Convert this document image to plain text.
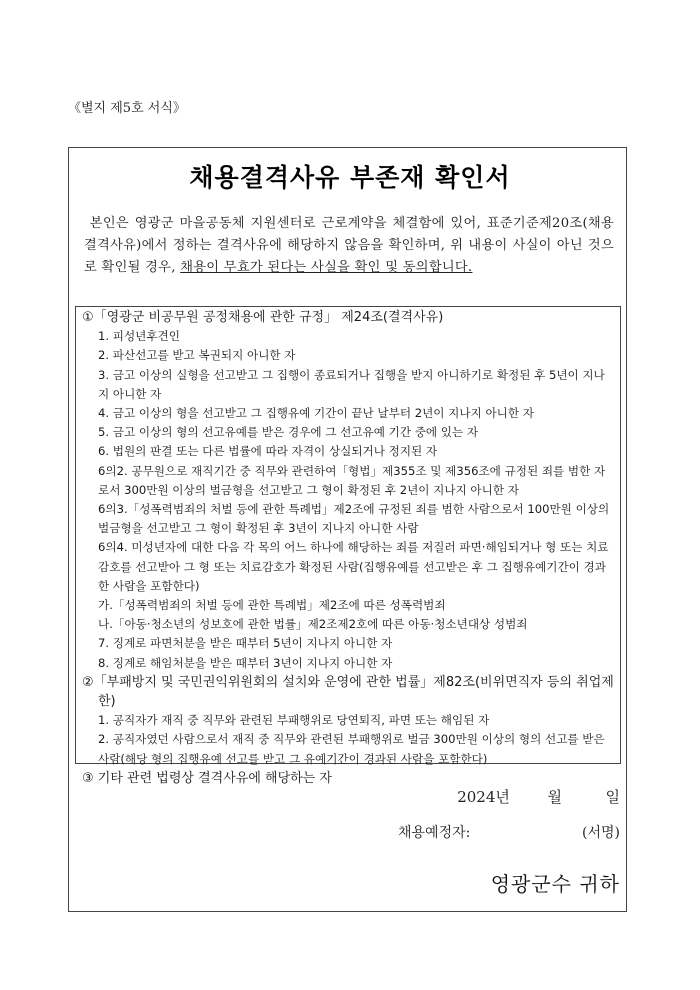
《별지 제5호 서식》
채용결격사유 부존재 확인서
본인은 영광군 마을공동체 지원센터로 근로계약을 체결함에 있어, 표준기준제20조(채용결격사유)에서 정하는 결격사유에 해당하지 않음을 확인하며, 위 내용이 사실이 아닌 것으로 확인될 경우, 채용이 무효가 된다는 사실을 확인 및 동의합니다.
①「영광군 비공무원 공정채용에 관한 규정」 제24조(결격사유)
1. 피성년후견인
2. 파산선고를 받고 복권되지 아니한 자
3. 금고 이상의 실형을 선고받고 그 집행이 종료되거나 집행을 받지 아니하기로 확정된 후 5년이 지나지 아니한 자
4. 금고 이상의 형을 선고받고 그 집행유예 기간이 끝난 날부터 2년이 지나지 아니한 자
5. 금고 이상의 형의 선고유예를 받은 경우에 그 선고유예 기간 중에 있는 자
6. 법원의 판결 또는 다른 법률에 따라 자격이 상실되거나 정지된 자
6의2. 공무원으로 재직기간 중 직무와 관련하여「형법」제355조 및 제356조에 규정된 죄를 범한 자로서 300만원 이상의 벌금형을 선고받고 그 형이 확정된 후 2년이 지나지 아니한 자
6의3.「성폭력범죄의 처벌 등에 관한 특례법」제2조에 규정된 죄를 범한 사람으로서 100만원 이상의 벌금형을 선고받고 그 형이 확정된 후 3년이 지나지 아니한 사람
6의4. 미성년자에 대한 다음 각 목의 어느 하나에 해당하는 죄를 저질러 파면·해임되거나 형 또는 치료감호를 선고받아 그 형 또는 치료감호가 확정된 사람(집행유예를 선고받은 후 그 집행유예기간이 경과한 사람을 포함한다)
가.「성폭력범죄의 처벌 등에 관한 특례법」제2조에 따른 성폭력범죄
나.「아동·청소년의 성보호에 관한 법률」제2조제2호에 따른 아동·청소년대상 성범죄
7. 징계로 파면처분을 받은 때부터 5년이 지나지 아니한 자
8. 징계로 해임처분을 받은 때부터 3년이 지나지 아니한 자
②「부패방지 및 국민권익위원회의 설치와 운영에 관한 법률」제82조(비위면직자 등의 취업제한)
1. 공직자가 재직 중 직무와 관련된 부패행위로 당연퇴직, 파면 또는 해임된 자
2. 공직자였던 사람으로서 재직 중 직무와 관련된 부패행위로 벌금 300만원 이상의 형의 선고를 받은 사람(해당 형의 집행유예 선고를 받고 그 유예기간이 경과된 사람을 포함한다)
③ 기타 관련 법령상 결격사유에 해당하는 자
2024년	월	일
채용예정자:	(서명)
영광군수 귀하
